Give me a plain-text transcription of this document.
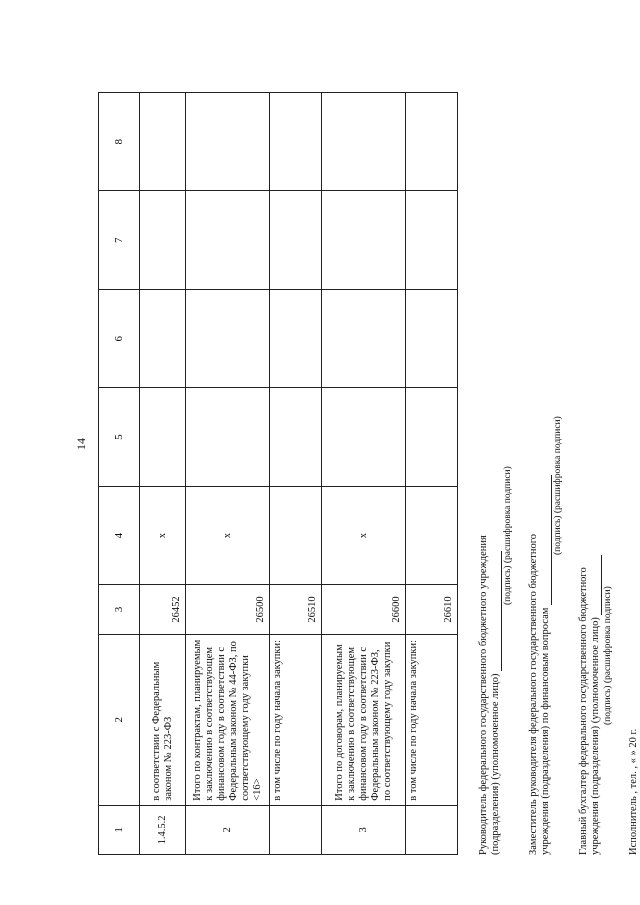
14
1	2	3	4	5	6	7	8
1.4.5.2	в соответствии с Федеральным законом № 223-ФЗ	26452	x				
2	Итого по контрактам, планируемым к заключению в соответствующем финансовом году в соответствии с Федеральным законом № 44-ФЗ, по соответствующему году закупки <16>	26500	x				
	в том числе по году начала закупки:	26510					
3	Итого по договорам, планируемым к заключению в соответствующем финансовом году в соответствии с Федеральным законом № 223-ФЗ, по соответствующему году закупки	26600	x				
	в том числе по году начала закупки:	26610					Руководитель федерального государственного бюджетного учреждения (подразделения) (уполномоченное лицо)
(подпись) (расшифровка подписи) Заместитель руководителя федерального государственного бюджетного учреждения (подразделения) по финансовым вопросам
(подпись) (расшифровка подписи)
Главный бухгалтер федерального государственного бюджетного учреждения (подразделения) (уполномоченное лицо) (подпись) (расшифровка подписи)
Исполнитель , тел. , « » 20 г.
